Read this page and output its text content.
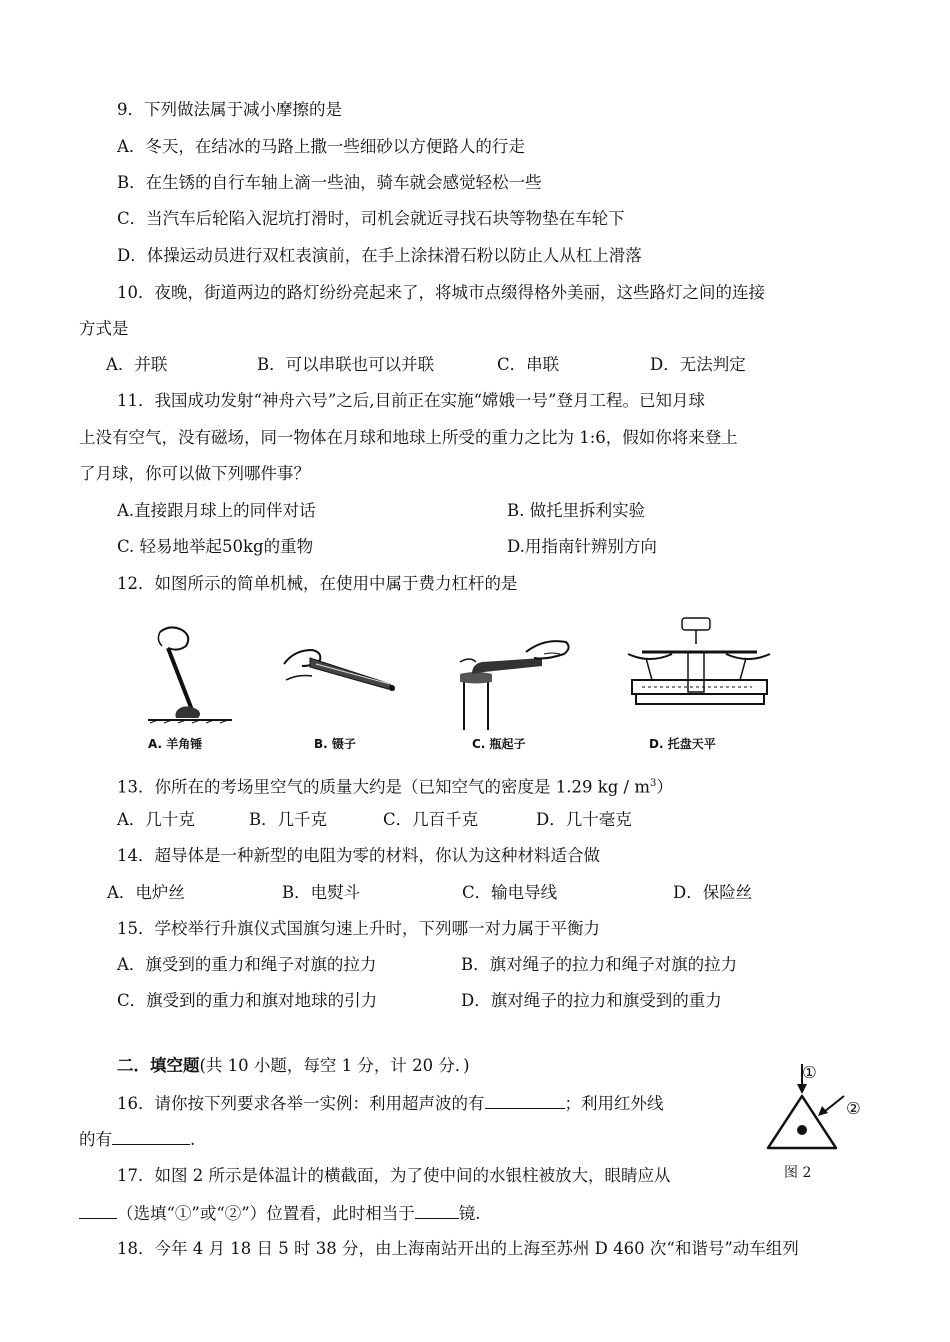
9．下列做法属于减小摩擦的是
A．冬天，在结冰的马路上撒一些细砂以方便路人的行走
B．在生锈的自行车轴上滴一些油，骑车就会感觉轻松一些
C．当汽车后轮陷入泥坑打滑时，司机会就近寻找石块等物垫在车轮下
D．体操运动员进行双杠表演前，在手上涂抹滑石粉以防止人从杠上滑落
10．夜晚，街道两边的路灯纷纷亮起来了，将城市点缀得格外美丽，这些路灯之间的连接
方式是
A．并联	B．可以串联也可以并联	C．串联	D．无法判定
11．我国成功发射“神舟六号”之后,目前正在实施“嫦娥一号”登月工程。已知月球
上没有空气，没有磁场，同一物体在月球和地球上所受的重力之比为 1:6，假如你将来登上
了月球，你可以做下列哪件事？
A.直接跟月球上的同伴对话	B. 做托里拆利实验
C. 轻易地举起50kg的重物	D.用指南针辨别方向
12．如图所示的简单机械，在使用中属于费力杠杆的是
A. 羊角锤	B. 镊子	C. 瓶起子	D. 托盘天平
13．你所在的考场里空气的质量大约是（已知空气的密度是 1.29 kg / $m^3$）
A．几十克	B．几千克	C．几百千克	D．几十毫克
14．超导体是一种新型的电阻为零的材料，你认为这种材料适合做
A．电炉丝	B．电熨斗	C．输电导线	D．保险丝
15．学校举行升旗仪式国旗匀速上升时，下列哪一对力属于平衡力
A．旗受到的重力和绳子对旗的拉力	B．旗对绳子的拉力和绳子对旗的拉力
C．旗受到的重力和旗对地球的引力	D．旗对绳子的拉力和旗受到的重力
二．填空题(共 10 小题，每空 1 分，计 20 分．)
16．请你按下列要求各举一实例：利用超声波的有	；利用红外线
的有	.
①
②
图 2
17．如图 2 所示是体温计的横截面，为了使中间的水银柱被放大，眼睛应从
（选填“①”或“②”）位置看，此时相当于	镜.
18．今年 4 月 18 日 5 时 38 分，由上海南站开出的上海至苏州 D 460 次“和谐号”动车组列
